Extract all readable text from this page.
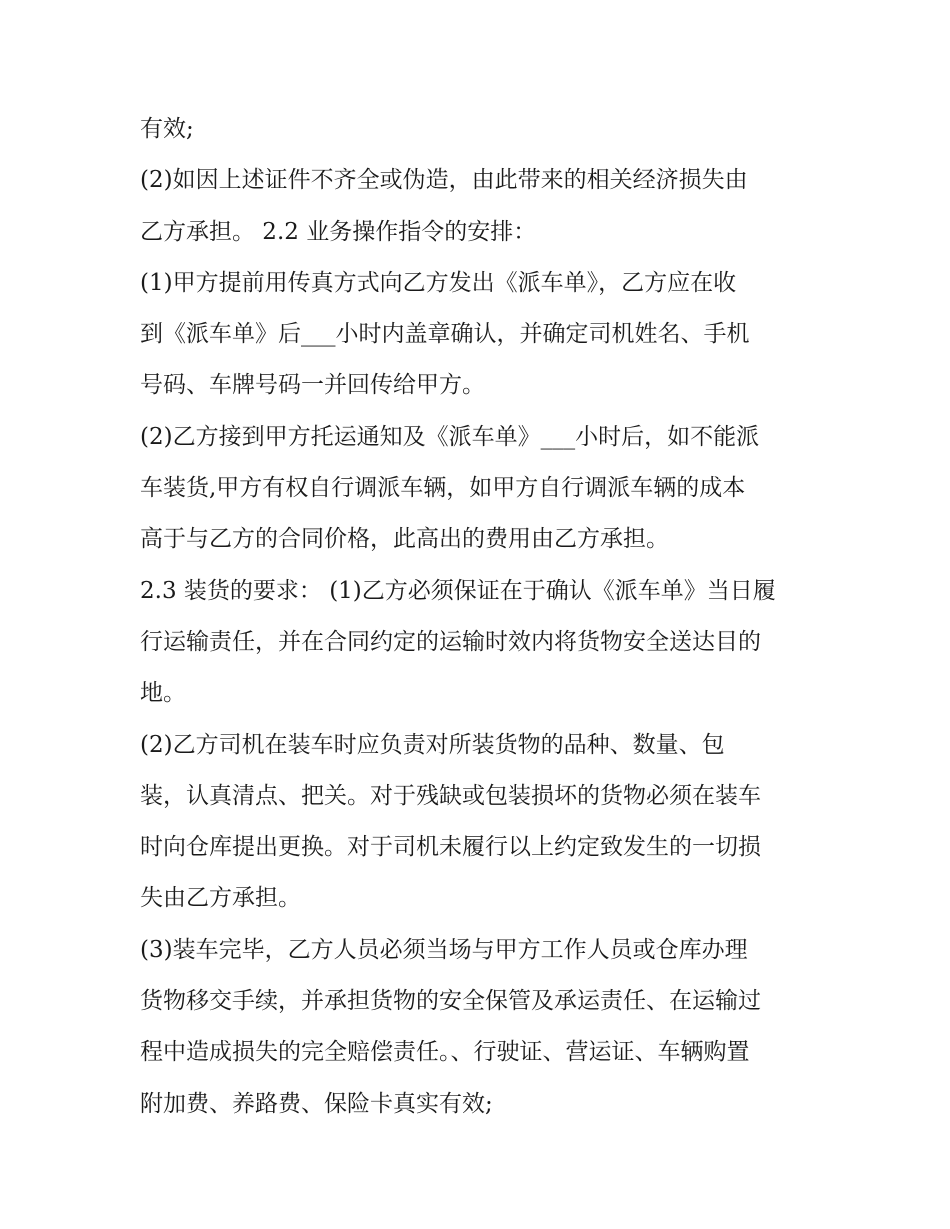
有效;
(2)如因上述证件不齐全或伪造，由此带来的相关经济损失由
乙方承担。 2.2 业务操作指令的安排：
(1)甲方提前用传真方式向乙方发出《派车单》，乙方应在收
到《派车单》后___小时内盖章确认，并确定司机姓名、手机
号码、车牌号码一并回传给甲方。
(2)乙方接到甲方托运通知及《派车单》___小时后，如不能派
车装货,甲方有权自行调派车辆，如甲方自行调派车辆的成本
高于与乙方的合同价格，此高出的费用由乙方承担。
2.3 装货的要求： (1)乙方必须保证在于确认《派车单》当日履
行运输责任，并在合同约定的运输时效内将货物安全送达目的
地。
(2)乙方司机在装车时应负责对所装货物的品种、数量、包
装，认真清点、把关。对于残缺或包装损坏的货物必须在装车
时向仓库提出更换。对于司机未履行以上约定致发生的一切损
失由乙方承担。
(3)装车完毕，乙方人员必须当场与甲方工作人员或仓库办理
货物移交手续，并承担货物的安全保管及承运责任、在运输过
程中造成损失的完全赔偿责任。、行驶证、营运证、车辆购置
附加费、养路费、保险卡真实有效;
